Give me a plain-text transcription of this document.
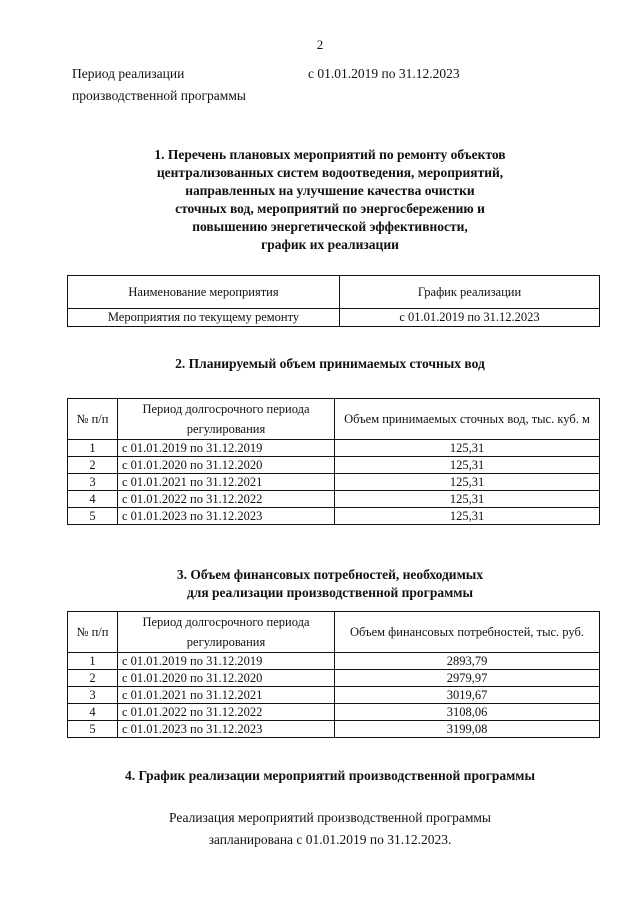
2
Период реализации
производственной программы
с 01.01.2019 по 31.12.2023
1. Перечень плановых мероприятий по ремонту объектов
централизованных систем водоотведения, мероприятий,
направленных на улучшение качества очистки
сточных вод, мероприятий по энергосбережению и
повышению энергетической эффективности,
график их реализации
Наименование мероприятия	График реализации
Мероприятия по текущему ремонту	с 01.01.2019 по 31.12.2023
2. Планируемый объем принимаемых сточных вод
№ п/п	Период долгосрочного периода регулирования	Объем принимаемых сточных вод, тыс. куб. м
1	с 01.01.2019 по 31.12.2019	125,31
2	с 01.01.2020 по 31.12.2020	125,31
3	с 01.01.2021 по 31.12.2021	125,31
4	с 01.01.2022 по 31.12.2022	125,31
5	с 01.01.2023 по 31.12.2023	125,31
3. Объем финансовых потребностей, необходимых
для реализации производственной программы
№ п/п	Период долгосрочного периода регулирования	Объем финансовых потребностей, тыс. руб.
1	с 01.01.2019 по 31.12.2019	2893,79
2	с 01.01.2020 по 31.12.2020	2979,97
3	с 01.01.2021 по 31.12.2021	3019,67
4	с 01.01.2022 по 31.12.2022	3108,06
5	с 01.01.2023 по 31.12.2023	3199,08
4. График реализации мероприятий производственной программы
Реализация мероприятий производственной программы
запланирована с 01.01.2019 по 31.12.2023.
